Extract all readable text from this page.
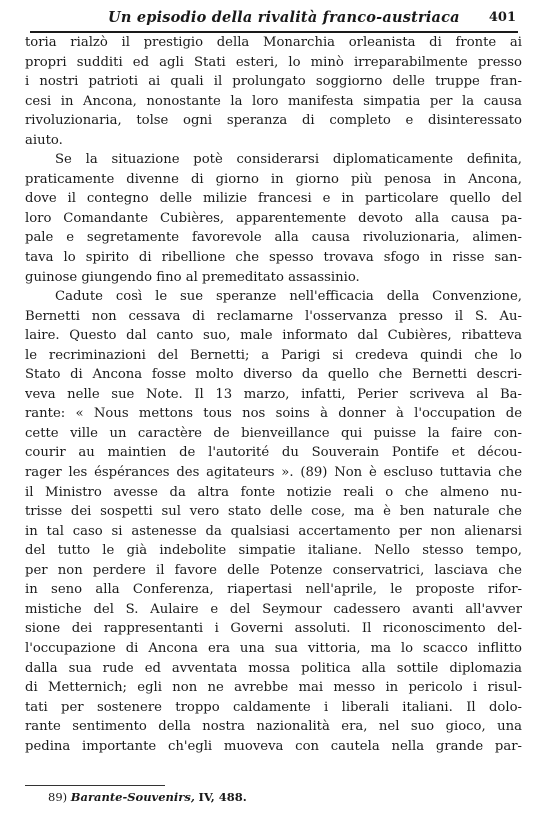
Un episodio della rivalità franco-austriaca 401
toria rialzò il prestigio della Monarchia orleanista di fronte ai
propri sudditi ed agli Stati esteri, lo minò irreparabilmente presso
i nostri patrioti ai quali il prolungato soggiorno delle truppe fran-
cesi in Ancona, nonostante la loro manifesta simpatia per la causa
rivoluzionaria, tolse ogni speranza di completo e disinteressato
aiuto.
Se la situazione potè considerarsi diplomaticamente definita,
praticamente divenne di giorno in giorno più penosa in Ancona,
dove il contegno delle milizie francesi e in particolare quello del
loro Comandante Cubières, apparentemente devoto alla causa pa-
pale e segretamente favorevole alla causa rivoluzionaria, alimen-
tava lo spirito di ribellione che spesso trovava sfogo in risse san-
guinose giungendo fino al premeditato assassinio.
Cadute così le sue speranze nell'efficacia della Convenzione,
Bernetti non cessava di reclamarne l'osservanza presso il S. Au-
laire. Questo dal canto suo, male informato dal Cubières, ribatteva
le recriminazioni del Bernetti; a Parigi si credeva quindi che lo
Stato di Ancona fosse molto diverso da quello che Bernetti descri-
veva nelle sue Note. Il 13 marzo, infatti, Perier scriveva al Ba-
rante: « Nous mettons tous nos soins à donner à l'occupation de
cette ville un caractère de bienveillance qui puisse la faire con-
courir au maintien de l'autorité du Souverain Pontife et décou-
rager les éspérances des agitateurs ». (89) Non è escluso tuttavia che
il Ministro avesse da altra fonte notizie reali o che almeno nu-
trisse dei sospetti sul vero stato delle cose, ma è ben naturale che
in tal caso si astenesse da qualsiasi accertamento per non alienarsi
del tutto le già indebolite simpatie italiane. Nello stesso tempo,
per non perdere il favore delle Potenze conservatrici, lasciava che
in seno alla Conferenza, riapertasi nell'aprile, le proposte rifor-
mistiche del S. Aulaire e del Seymour cadessero avanti all'avver
sione dei rappresentanti i Governi assoluti. Il riconoscimento del-
l'occupazione di Ancona era una sua vittoria, ma lo scacco inflitto
dalla sua rude ed avventata mossa politica alla sottile diplomazia
di Metternich; egli non ne avrebbe mai messo in pericolo i risul-
tati per sostenere troppo caldamente i liberali italiani. Il dolo-
rante sentimento della nostra nazionalità era, nel suo gioco, una
pedina importante ch'egli muoveva con cautela nella grande par-
89) Barante-Souvenirs, IV, 488.
